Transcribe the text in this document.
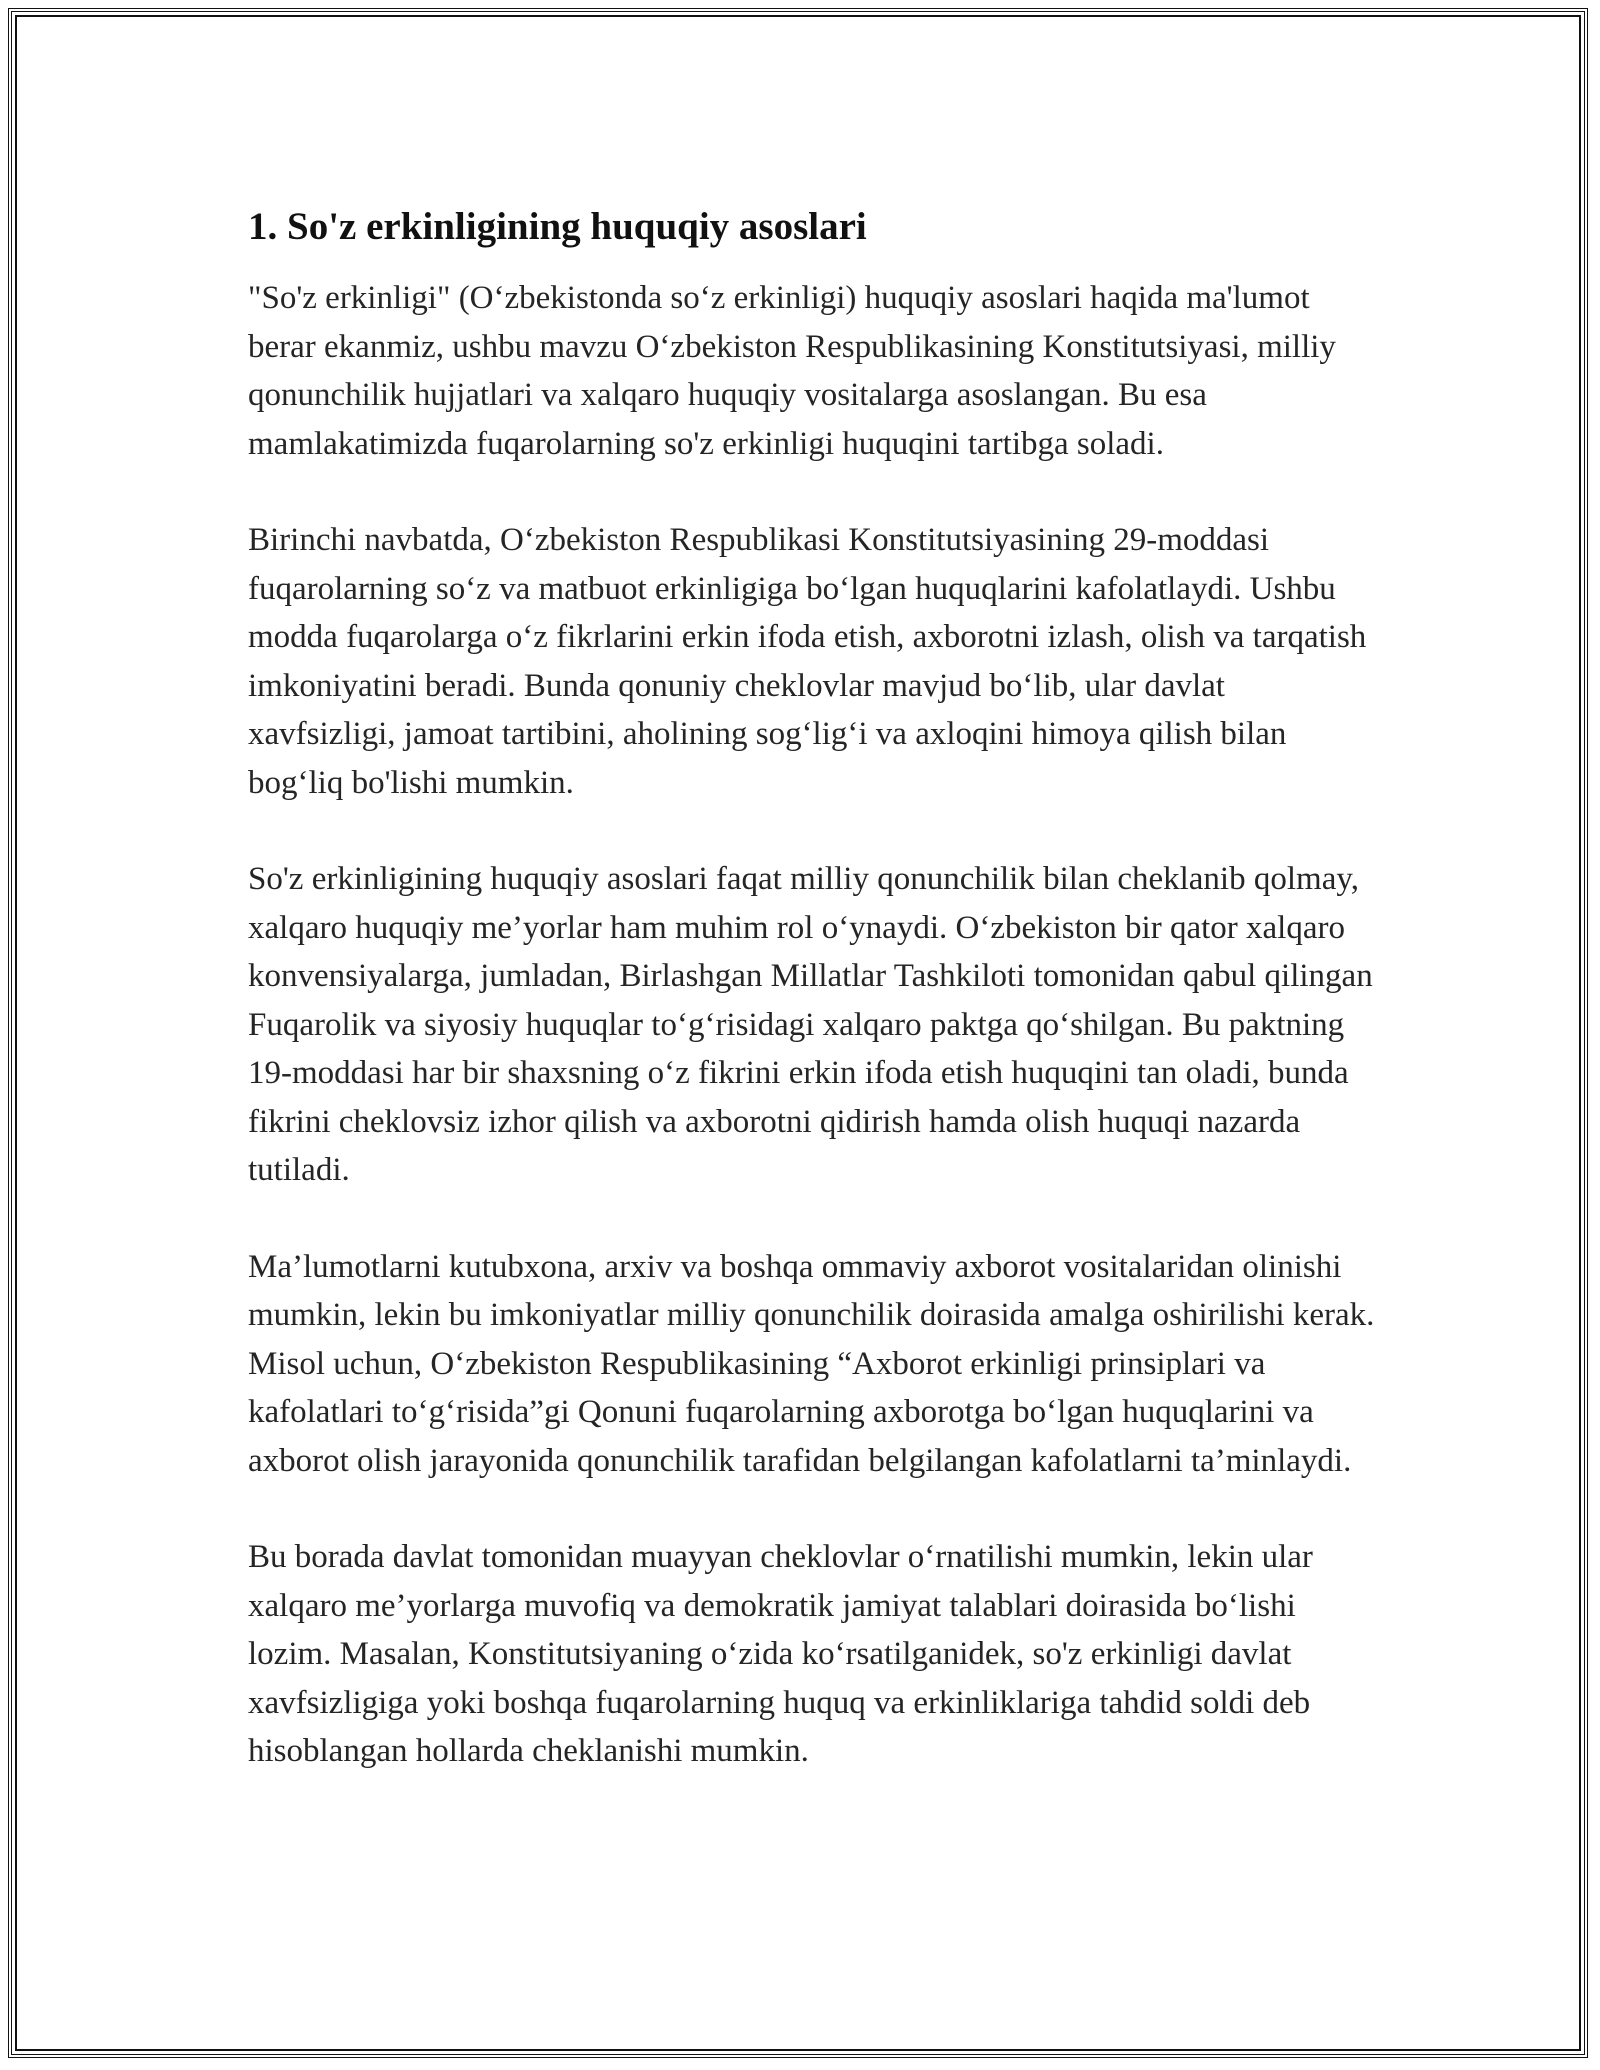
1. So'z erkinligining huquqiy asoslari

"So'z erkinligi" (O‘zbekistonda so‘z erkinligi) huquqiy asoslari haqida ma'lumot berar ekanmiz, ushbu mavzu O‘zbekiston Respublikasining Konstitutsiyasi, milliy qonunchilik hujjatlari va xalqaro huquqiy vositalarga asoslangan. Bu esa mamlakatimizda fuqarolarning so'z erkinligi huquqini tartibga soladi.

Birinchi navbatda, O‘zbekiston Respublikasi Konstitutsiyasining 29-moddasi fuqarolarning so‘z va matbuot erkinligiga bo‘lgan huquqlarini kafolatlaydi. Ushbu modda fuqarolarga o‘z fikrlarini erkin ifoda etish, axborotni izlash, olish va tarqatish imkoniyatini beradi. Bunda qonuniy cheklovlar mavjud bo‘lib, ular davlat xavfsizligi, jamoat tartibini, aholining sog‘lig‘i va axloqini himoya qilish bilan bog‘liq bo'lishi mumkin.

So'z erkinligining huquqiy asoslari faqat milliy qonunchilik bilan cheklanib qolmay, xalqaro huquqiy me’yorlar ham muhim rol o‘ynaydi. O‘zbekiston bir qator xalqaro konvensiyalarga, jumladan, Birlashgan Millatlar Tashkiloti tomonidan qabul qilingan Fuqarolik va siyosiy huquqlar to‘g‘risidagi xalqaro paktga qo‘shilgan. Bu paktning 19-moddasi har bir shaxsning o‘z fikrini erkin ifoda etish huquqini tan oladi, bunda fikrini cheklovsiz izhor qilish va axborotni qidirish hamda olish huquqi nazarda tutiladi.

Ma’lumotlarni kutubxona, arxiv va boshqa ommaviy axborot vositalaridan olinishi mumkin, lekin bu imkoniyatlar milliy qonunchilik doirasida amalga oshirilishi kerak. Misol uchun, O‘zbekiston Respublikasining “Axborot erkinligi prinsiplari va kafolatlari to‘g‘risida”gi Qonuni fuqarolarning axborotga bo‘lgan huquqlarini va axborot olish jarayonida qonunchilik tarafidan belgilangan kafolatlarni ta’minlaydi.

Bu borada davlat tomonidan muayyan cheklovlar o‘rnatilishi mumkin, lekin ular xalqaro me’yorlarga muvofiq va demokratik jamiyat talablari doirasida bo‘lishi lozim. Masalan, Konstitutsiyaning o‘zida ko‘rsatilganidek, so'z erkinligi davlat xavfsizligiga yoki boshqa fuqarolarning huquq va erkinliklariga tahdid soldi deb hisoblangan hollarda cheklanishi mumkin.
